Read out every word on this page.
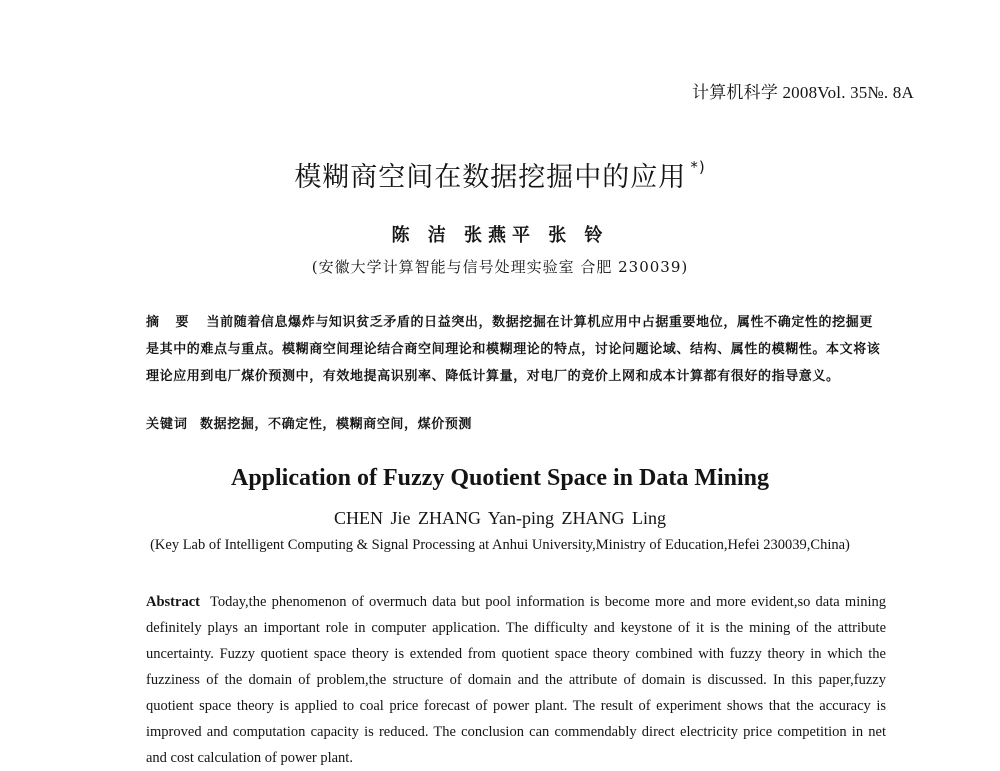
计算机科学 2008Vol. 35№. 8A
模糊商空间在数据挖掘中的应用 *)
陈 洁 张燕平 张 铃
(安徽大学计算智能与信号处理实验室 合肥 230039)
摘 要 当前随着信息爆炸与知识贫乏矛盾的日益突出，数据挖掘在计算机应用中占据重要地位，属性不确定性的挖掘更是其中的难点与重点。模糊商空间理论结合商空间理论和模糊理论的特点，讨论问题论域、结构、属性的模糊性。本文将该理论应用到电厂煤价预测中，有效地提高识别率、降低计算量，对电厂的竞价上网和成本计算都有很好的指导意义。
关键词 数据挖掘，不确定性，模糊商空间，煤价预测
Application of Fuzzy Quotient Space in Data Mining
CHEN Jie ZHANG Yan-ping ZHANG Ling
(Key Lab of Intelligent Computing & Signal Processing at Anhui University,Ministry of Education,Hefei 230039,China)
Abstract Today,the phenomenon of overmuch data but pool information is become more and more evident,so data mining definitely plays an important role in computer application. The difficulty and keystone of it is the mining of the attribute uncertainty. Fuzzy quotient space theory is extended from quotient space theory combined with fuzzy theory in which the fuzziness of the domain of problem,the structure of domain and the attribute of domain is discussed. In this paper,fuzzy quotient space theory is applied to coal price forecast of power plant. The result of experiment shows that the accuracy is improved and computation capacity is reduced. The conclusion can commendably direct electricity price competition in net and cost calculation of power plant.
